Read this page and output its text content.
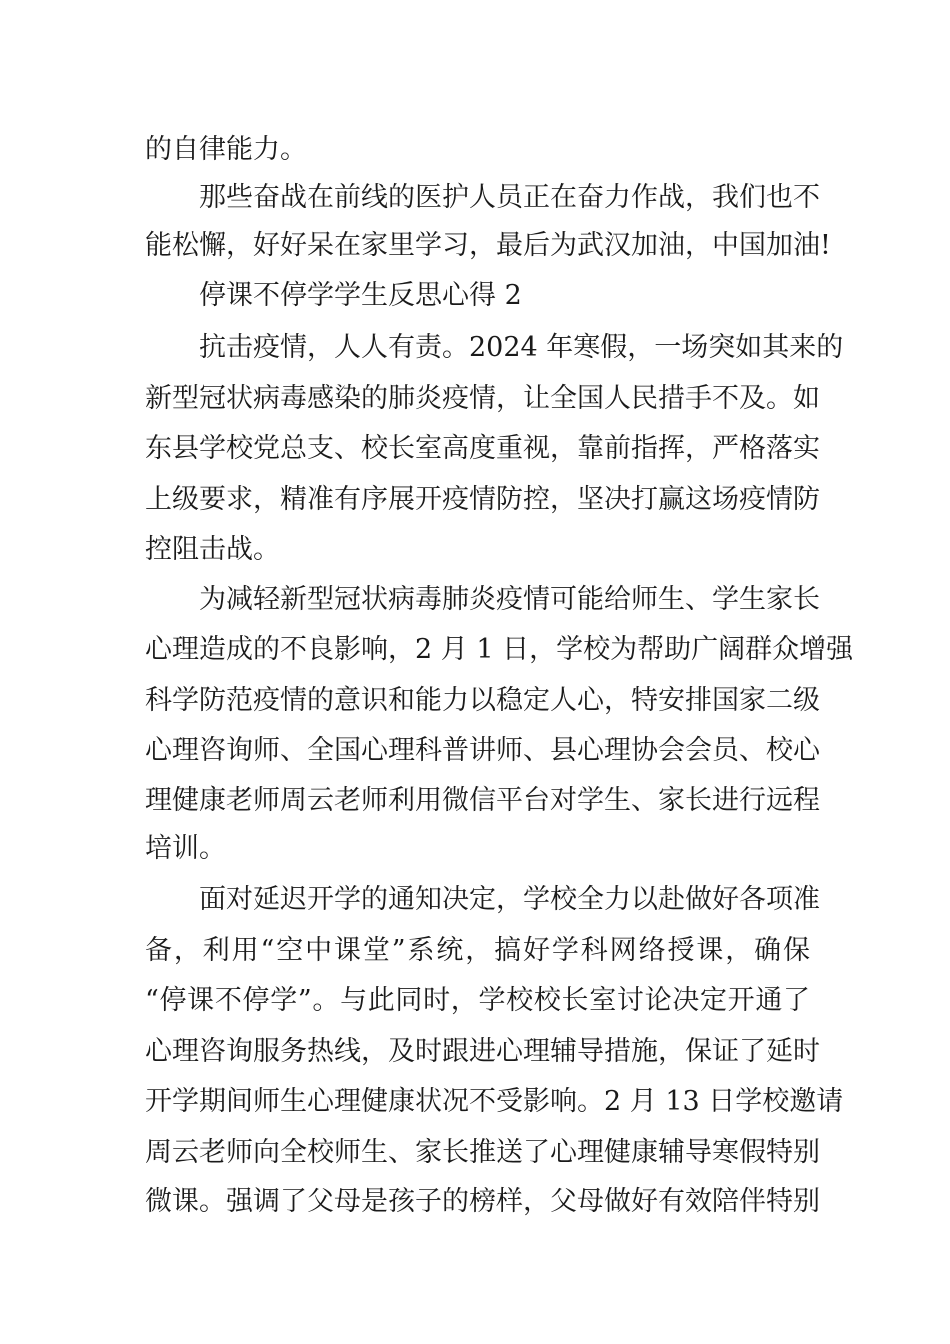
的自律能力。
那些奋战在前线的医护人员正在奋力作战，我们也不
能松懈，好好呆在家里学习，最后为武汉加油，中国加油!
停课不停学学生反思心得 2
抗击疫情，人人有责。2024 年寒假，一场突如其来的
新型冠状病毒感染的肺炎疫情，让全国人民措手不及。如
东县学校党总支、校长室高度重视，靠前指挥，严格落实
上级要求，精准有序展开疫情防控，坚决打赢这场疫情防
控阻击战。
为减轻新型冠状病毒肺炎疫情可能给师生、学生家长
心理造成的不良影响，2 月 1 日，学校为帮助广阔群众增强
科学防范疫情的意识和能力以稳定人心，特安排国家二级
心理咨询师、全国心理科普讲师、县心理协会会员、校心
理健康老师周云老师利用微信平台对学生、家长进行远程
培训。
面对延迟开学的通知决定，学校全力以赴做好各项准
备，利用“空中课堂”系统，搞好学科网络授课，确保
“停课不停学”。与此同时，学校校长室讨论决定开通了
心理咨询服务热线，及时跟进心理辅导措施，保证了延时
开学期间师生心理健康状况不受影响。2 月 13 日学校邀请
周云老师向全校师生、家长推送了心理健康辅导寒假特别
微课。强调了父母是孩子的榜样，父母做好有效陪伴特别
